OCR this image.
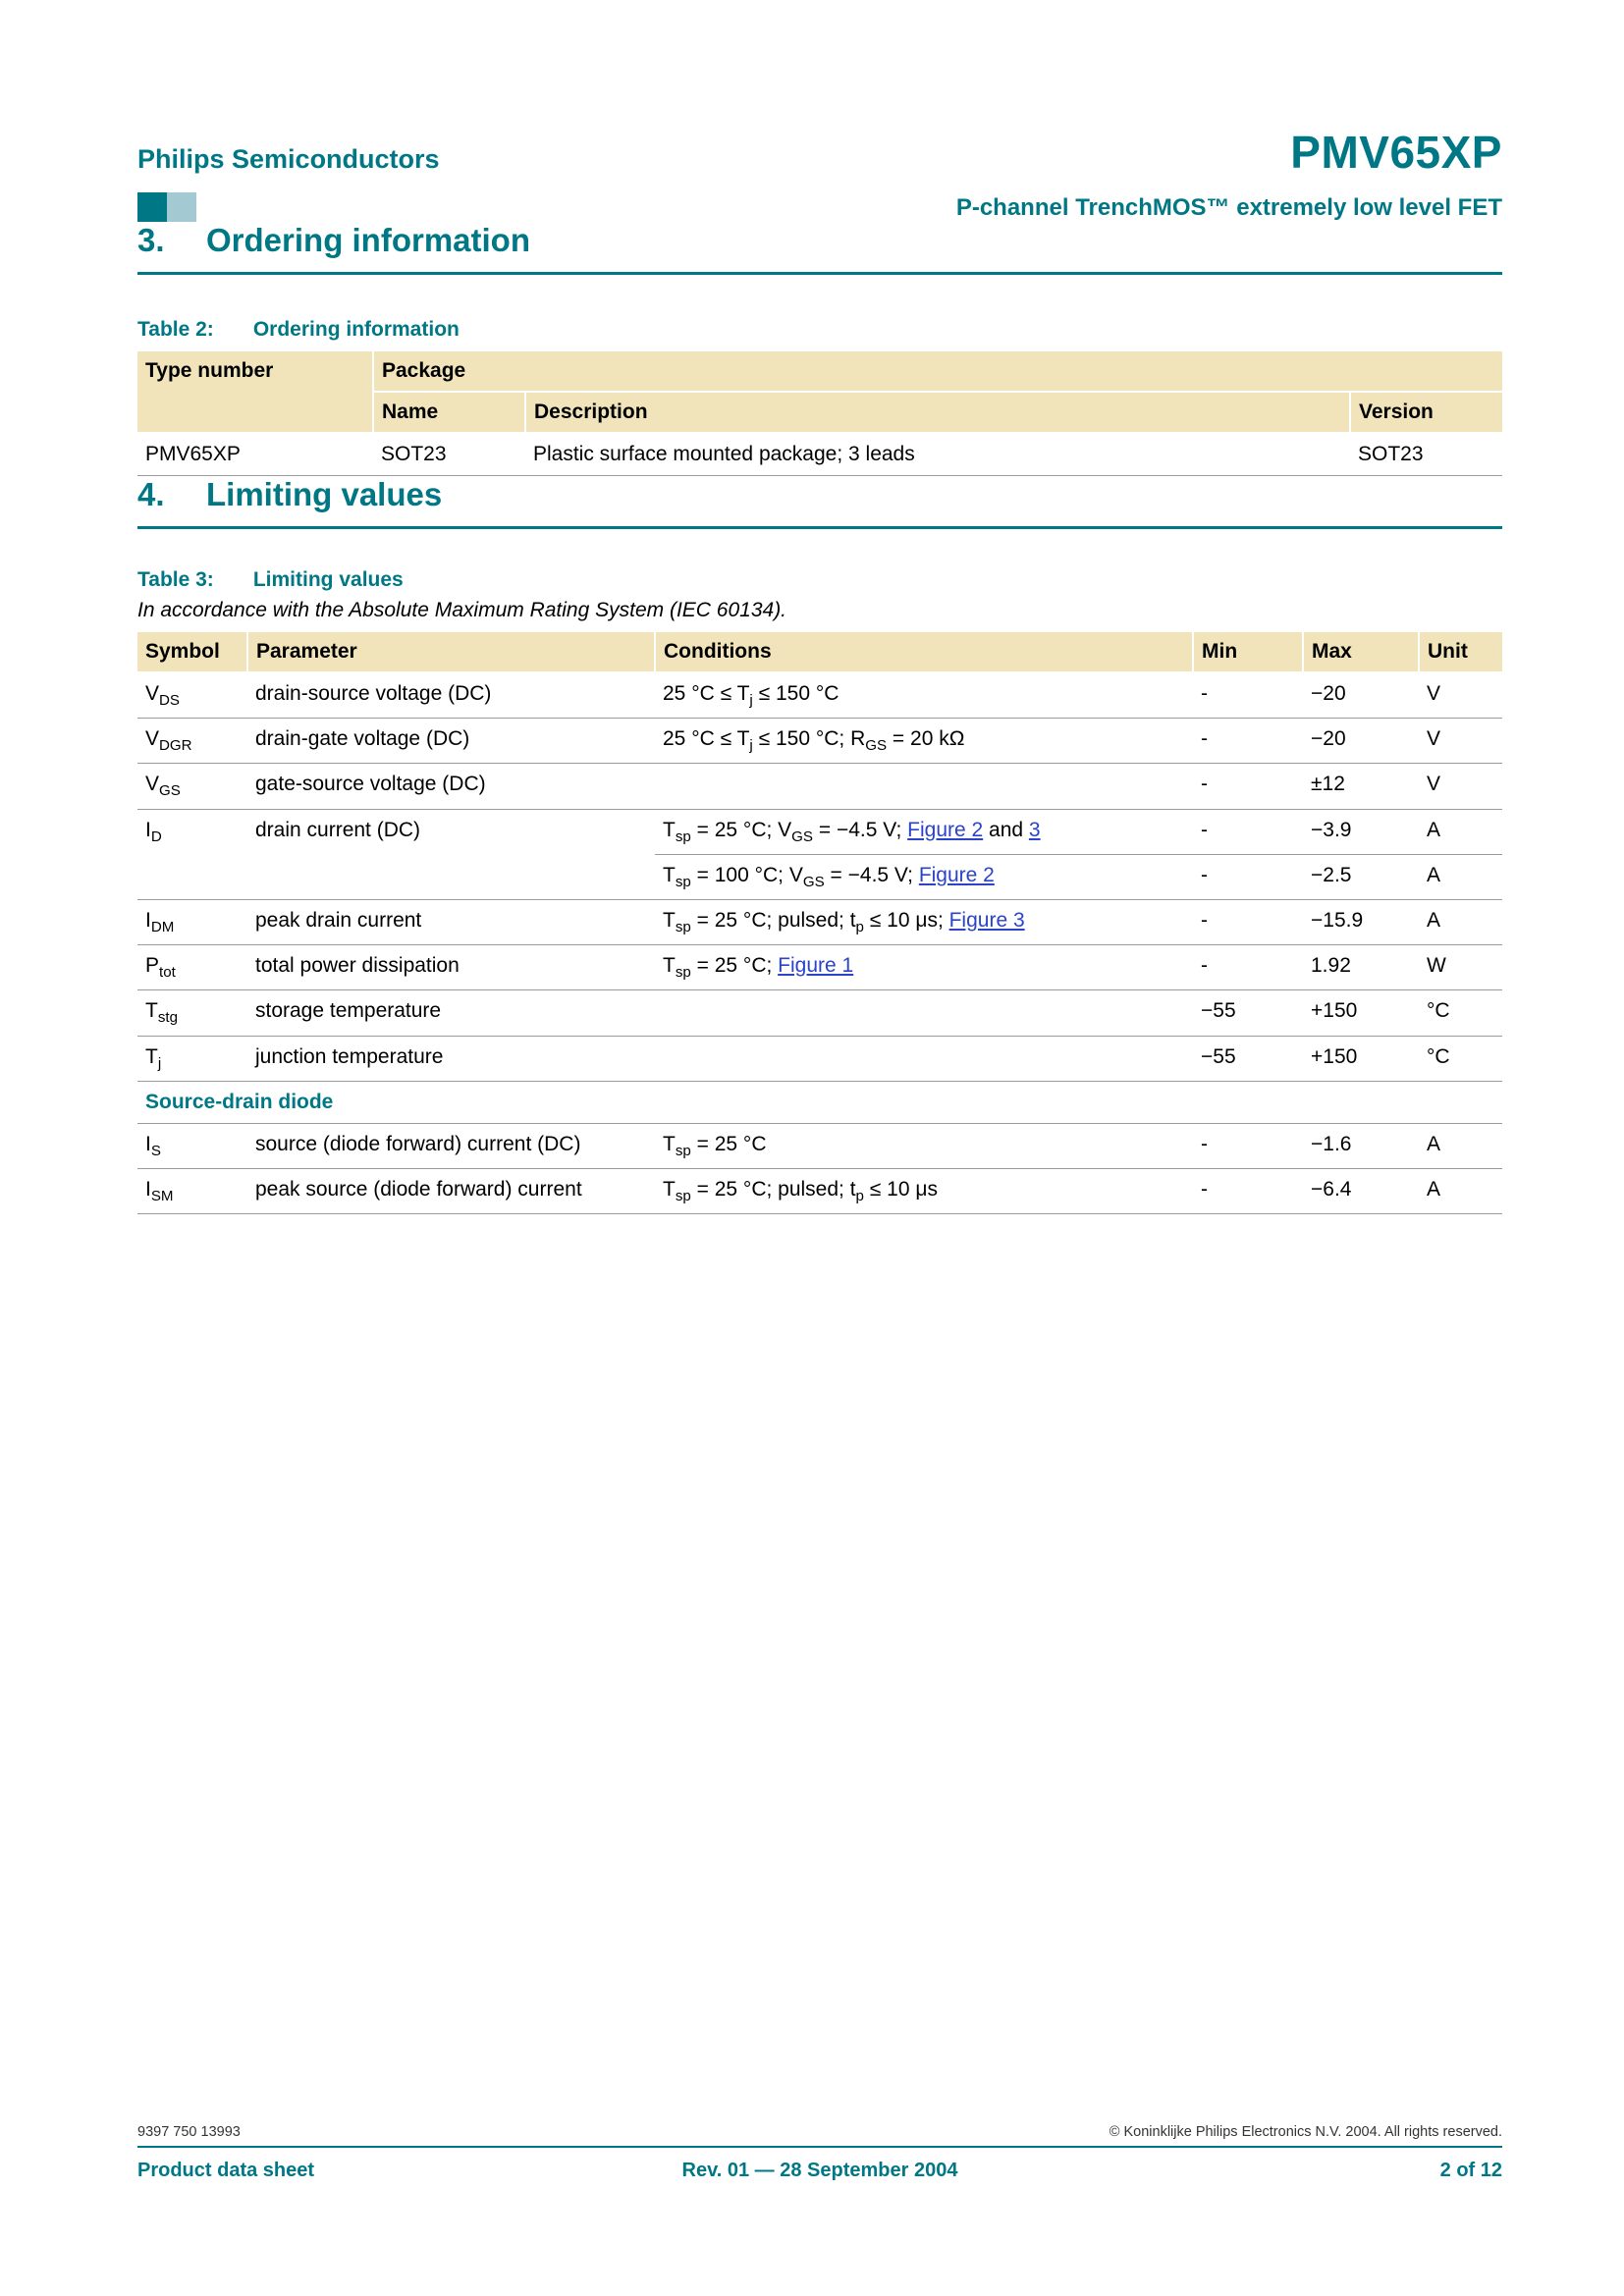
Philips Semiconductors	PMV65XP
P-channel TrenchMOS™ extremely low level FET
3.	Ordering information
Table 2: Ordering information
Type number	Package		
	Name	Description	Version
PMV65XP	SOT23	Plastic surface mounted package; 3 leads	SOT23
4.	Limiting values
Table 3: Limiting values
In accordance with the Absolute Maximum Rating System (IEC 60134).
Symbol	Parameter	Conditions	Min	Max	Unit
$V_{DS}$	drain-source voltage (DC)	25 $^\circ C \le T_j \le 150$ °C	-	−20	V
$V_{DGR}$	drain-gate voltage (DC)	25 $^\circ C \le T_j \le 150$ °C; $R_{GS} = 20$ kΩ	-	−20	V
$V_{GS}$	gate-source voltage (DC)		-	±12	V
$I_D$	drain current (DC)	$T_{sp} = 25$ °C; $V_{GS} = -4.5$ V; Figure 2 and 3	-	−3.9	A
		$T_{sp} = 100$ °C; $V_{GS} = -4.5$ V; Figure 2	-	−2.5	A
$I_{DM}$	peak drain current	$T_{sp} = 25$ °C; pulsed; $t_p \le 10$ μs; Figure 3	-	−15.9	A
$P_{tot}$	total power dissipation	$T_{sp} = 25$ °C; Figure 1	-	1.92	W
$T_{stg}$	storage temperature		−55	+150	°C
$T_j$	junction temperature		−55	+150	°C
Source-drain diode					
$I_S$	source (diode forward) current (DC)	$T_{sp} = 25$ °C	-	−1.6	A
$I_{SM}$	peak source (diode forward) current	$T_{sp} = 25$ °C; pulsed; $t_p \le 10$ μs	-	−6.4	A
9397 750 13993	© Koninklijke Philips Electronics N.V. 2004. All rights reserved.
Product data sheet	Rev. 01 — 28 September 2004	2 of 12
